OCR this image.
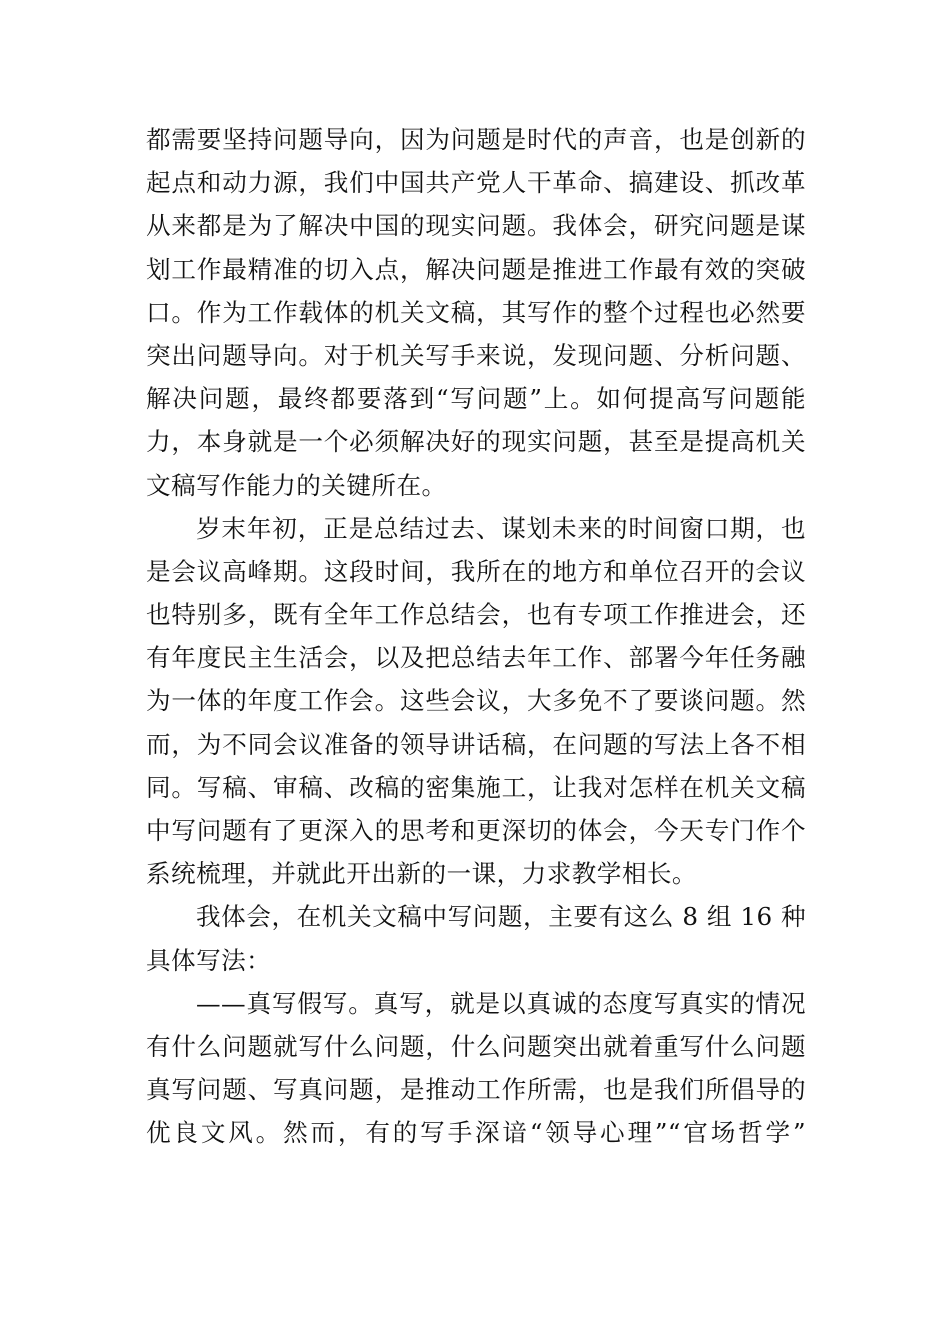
都需要坚持问题导向，因为问题是时代的声音，也是创新的
起点和动力源，我们中国共产党人干革命、搞建设、抓改革
从来都是为了解决中国的现实问题。我体会，研究问题是谋
划工作最精准的切入点，解决问题是推进工作最有效的突破
口。作为工作载体的机关文稿，其写作的整个过程也必然要
突出问题导向。对于机关写手来说，发现问题、分析问题、
解决问题，最终都要落到“写问题”上。如何提高写问题能
力，本身就是一个必须解决好的现实问题，甚至是提高机关
文稿写作能力的关键所在。
岁末年初，正是总结过去、谋划未来的时间窗口期，也
是会议高峰期。这段时间，我所在的地方和单位召开的会议
也特别多，既有全年工作总结会，也有专项工作推进会，还
有年度民主生活会，以及把总结去年工作、部署今年任务融
为一体的年度工作会。这些会议，大多免不了要谈问题。然
而，为不同会议准备的领导讲话稿，在问题的写法上各不相
同。写稿、审稿、改稿的密集施工，让我对怎样在机关文稿
中写问题有了更深入的思考和更深切的体会，今天专门作个
系统梳理，并就此开出新的一课，力求教学相长。
我体会，在机关文稿中写问题，主要有这么 8 组 16 种
具体写法：
——真写假写。真写，就是以真诚的态度写真实的情况
有什么问题就写什么问题，什么问题突出就着重写什么问题
真写问题、写真问题，是推动工作所需，也是我们所倡导的
优良文风。然而，有的写手深谙“领导心理”“官场哲学”
